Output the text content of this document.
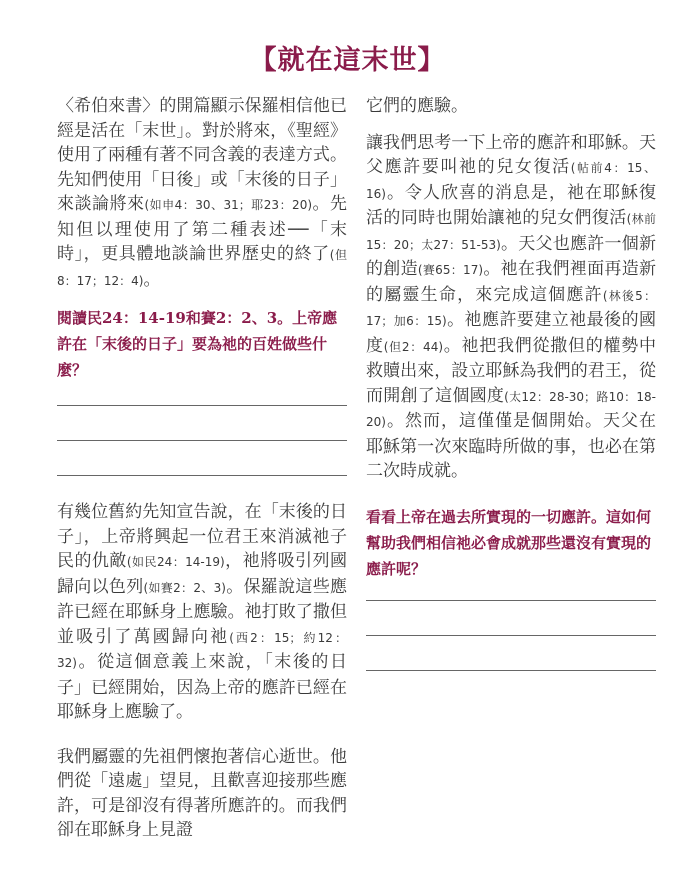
【就在這末世】

〈希伯來書〉的開篇顯示保羅相信他已經是活在「末世」。對於將來，《聖經》使用了兩種有著不同含義的表達方式。先知們使用「日後」或「末後的日子」來談論將來(如申4：30、31；耶23：20)。先知但以理使用了第二種表述──「末時」，更具體地談論世界歷史的終了(但8：17；12：4)。

閱讀民24：14-19和賽2：2、3。上帝應許在「末後的日子」要為祂的百姓做些什麼？

有幾位舊約先知宣告說，在「末後的日子」，上帝將興起一位君王來消滅祂子民的仇敵(如民24：14-19)，祂將吸引列國歸向以色列(如賽2：2、3)。保羅說這些應許已經在耶穌身上應驗。祂打敗了撒但並吸引了萬國歸向祂(西2：15；約12：32)。從這個意義上來說，「末後的日子」已經開始，因為上帝的應許已經在耶穌身上應驗了。

我們屬靈的先祖們懷抱著信心逝世。他們從「遠處」望見，且歡喜迎接那些應許，可是卻沒有得著所應許的。而我們卻在耶穌身上見證

它們的應驗。

讓我們思考一下上帝的應許和耶穌。天父應許要叫祂的兒女復活(帖前4：15、16)。令人欣喜的消息是，祂在耶穌復活的同時也開始讓祂的兒女們復活(林前15：20；太27：51-53)。天父也應許一個新的創造(賽65：17)。祂在我們裡面再造新的屬靈生命，來完成這個應許(林後5：17；加6：15)。祂應許要建立祂最後的國度(但2：44)。祂把我們從撒但的權勢中救贖出來，設立耶穌為我們的君王，從而開創了這個國度(太12：28-30；路10：18-20)。然而，這僅僅是個開始。天父在耶穌第一次來臨時所做的事，也必在第二次時成就。

看看上帝在過去所實現的一切應許。這如何幫助我們相信祂必會成就那些還沒有實現的應許呢？
